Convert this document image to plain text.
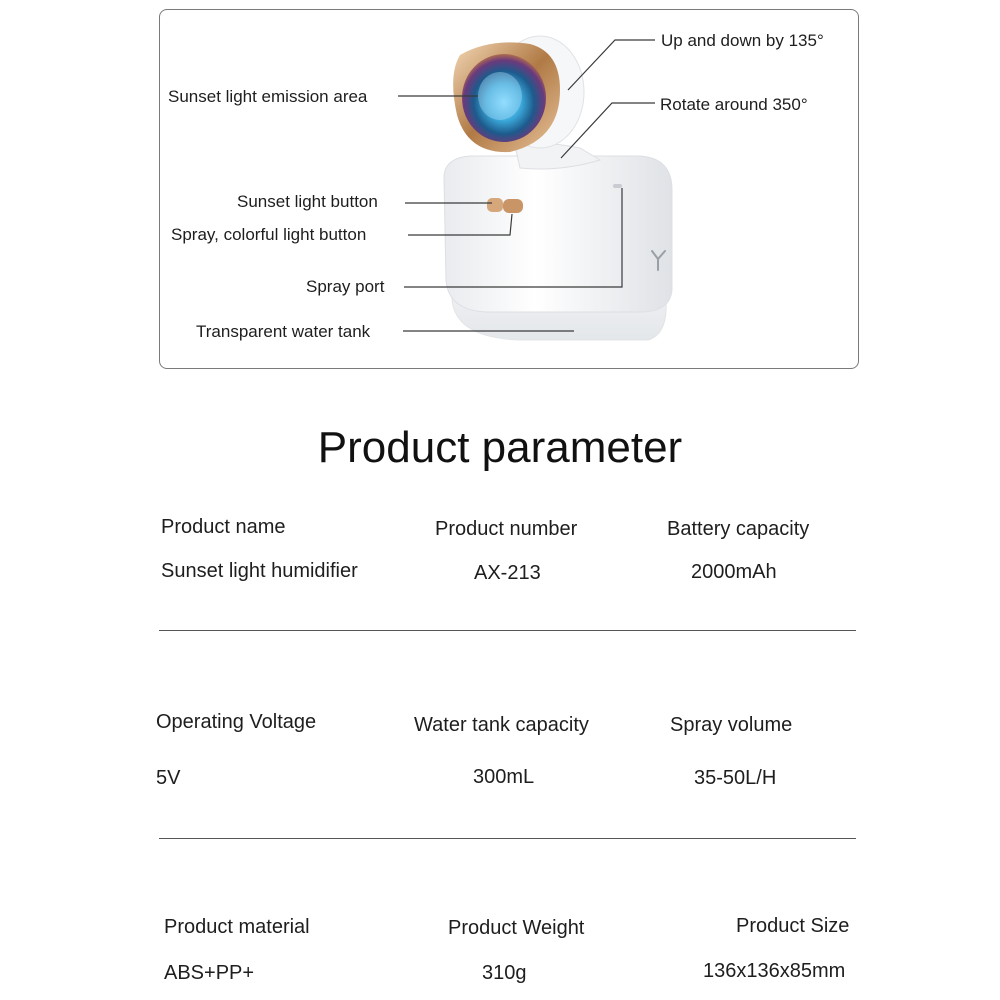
Sunset light emission area
Up and down by 135°
Rotate around 350°
Sunset light button
Spray, colorful light button
Spray port
Transparent water tank
Product parameter
Product name
Sunset light humidifier
Product number
AX-213
Battery capacity
2000mAh
Operating Voltage
5V
Water tank capacity
300mL
Spray volume
35-50L/H
Product material
ABS+PP+
Product Weight
310g
Product Size
136x136x85mm
